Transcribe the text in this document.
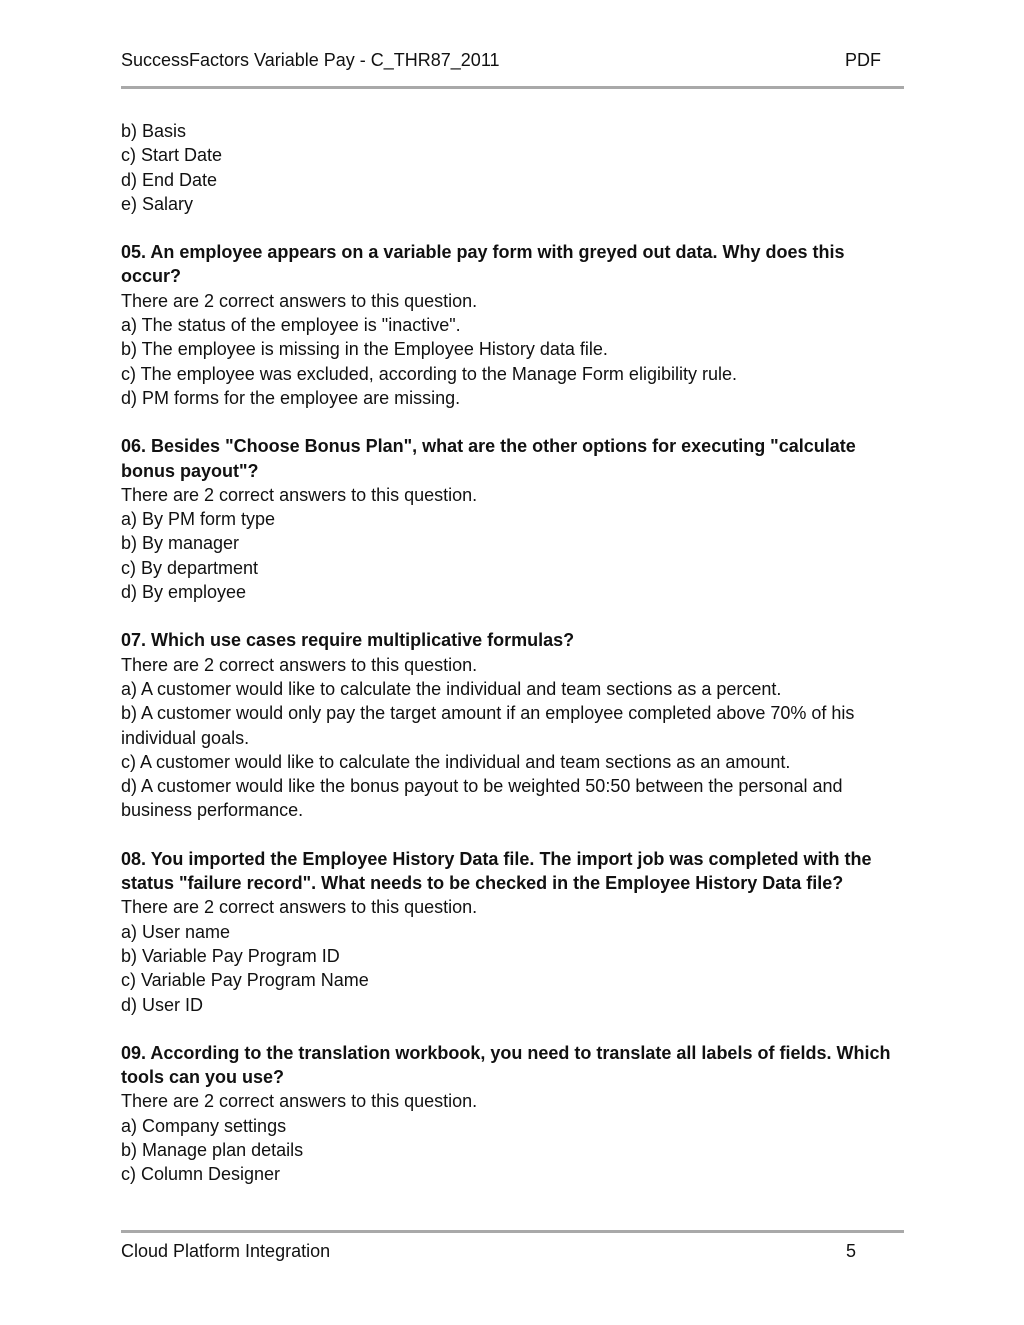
SuccessFactors Variable Pay - C_THR87_2011	PDF

b) Basis

c) Start Date

d) End Date

e) Salary

05. An employee appears on a variable pay form with greyed out data. Why does this occur?

There are 2 correct answers to this question.

a) The status of the employee is "inactive".

b) The employee is missing in the Employee History data file.

c) The employee was excluded, according to the Manage Form eligibility rule.

d) PM forms for the employee are missing.

06. Besides "Choose Bonus Plan", what are the other options for executing "calculate bonus payout"?

There are 2 correct answers to this question.

a) By PM form type

b) By manager

c) By department

d) By employee

07. Which use cases require multiplicative formulas?

There are 2 correct answers to this question.

a) A customer would like to calculate the individual and team sections as a percent.

b) A customer would only pay the target amount if an employee completed above 70% of his individual goals.

c) A customer would like to calculate the individual and team sections as an amount.

d) A customer would like the bonus payout to be weighted 50:50 between the personal and business performance.

08. You imported the Employee History Data file. The import job was completed with the status "failure record". What needs to be checked in the Employee History Data file?

There are 2 correct answers to this question.

a) User name

b) Variable Pay Program ID

c) Variable Pay Program Name

d) User ID

09. According to the translation workbook, you need to translate all labels of fields. Which tools can you use?

There are 2 correct answers to this question.

a) Company settings

b) Manage plan details

c) Column Designer

Cloud Platform Integration	5
